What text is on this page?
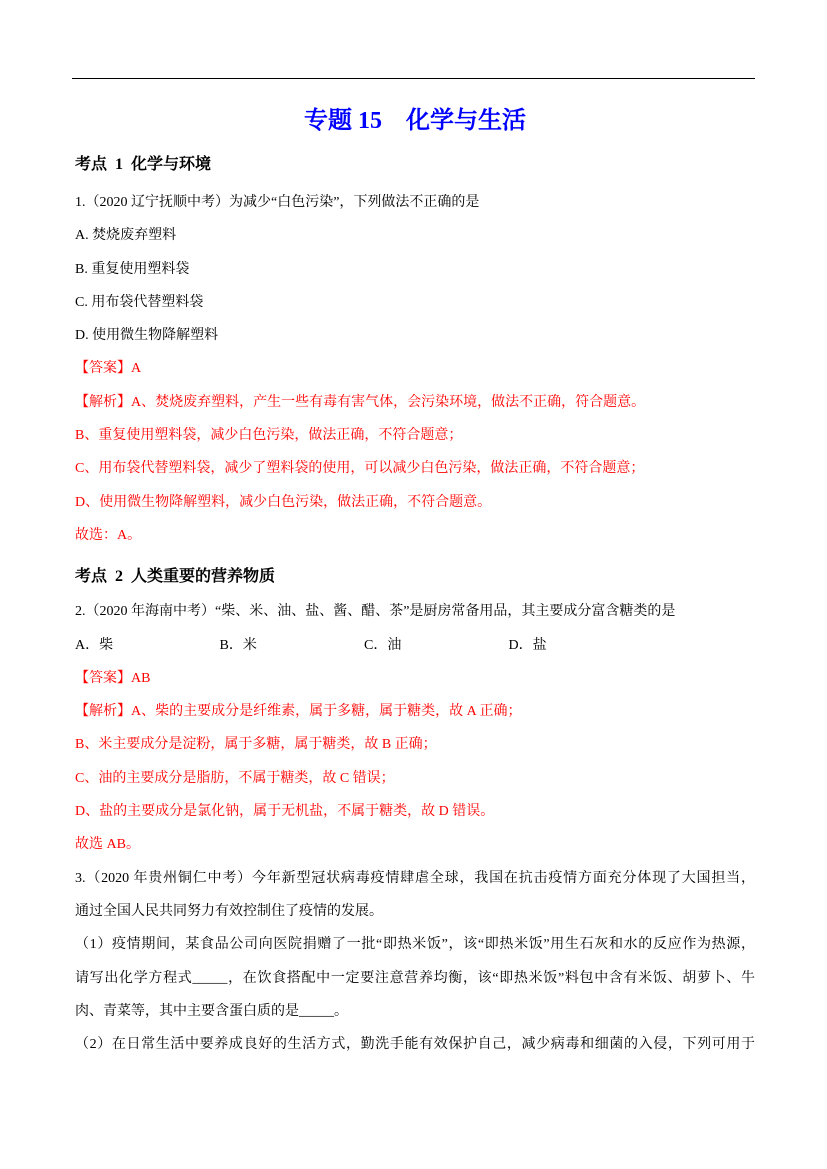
专题 15　化学与生活
考点 1 化学与环境
1.（2020 辽宁抚顺中考）为减少“白色污染”，下列做法不正确的是
A. 焚烧废弃塑料
B. 重复使用塑料袋
C. 用布袋代替塑料袋
D. 使用微生物降解塑料
【答案】A
【解析】A、焚烧废弃塑料，产生一些有毒有害气体，会污染环境，做法不正确，符合题意。
B、重复使用塑料袋，减少白色污染，做法正确，不符合题意；
C、用布袋代替塑料袋，减少了塑料袋的使用，可以减少白色污染，做法正确，不符合题意；
D、使用微生物降解塑料，减少白色污染，做法正确，不符合题意。
故选：A。
考点 2 人类重要的营养物质
2.（2020 年海南中考）“柴、米、油、盐、酱、醋、茶”是厨房常备用品，其主要成分富含糖类的是
A．柴	B．米	C．油	D．盐
【答案】AB
【解析】A、柴的主要成分是纤维素，属于多糖，属于糖类，故 A 正确；
B、米主要成分是淀粉，属于多糖，属于糖类，故 B 正确；
C、油的主要成分是脂肪，不属于糖类，故 C 错误；
D、盐的主要成分是氯化钠，属于无机盐，不属于糖类，故 D 错误。
故选 AB。
3.（2020 年贵州铜仁中考）今年新型冠状病毒疫情肆虐全球，我国在抗击疫情方面充分体现了大国担当，
通过全国人民共同努力有效控制住了疫情的发展。
（1）疫情期间，某食品公司向医院捐赠了一批“即热米饭”，该“即热米饭”用生石灰和水的反应作为热源，
请写出化学方程式_____，在饮食搭配中一定要注意营养均衡，该“即热米饭”料包中含有米饭、胡萝卜、牛
肉、青菜等，其中主要含蛋白质的是_____。
（2）在日常生活中要养成良好的生活方式，勤洗手能有效保护自己，减少病毒和细菌的入侵，下列可用于
